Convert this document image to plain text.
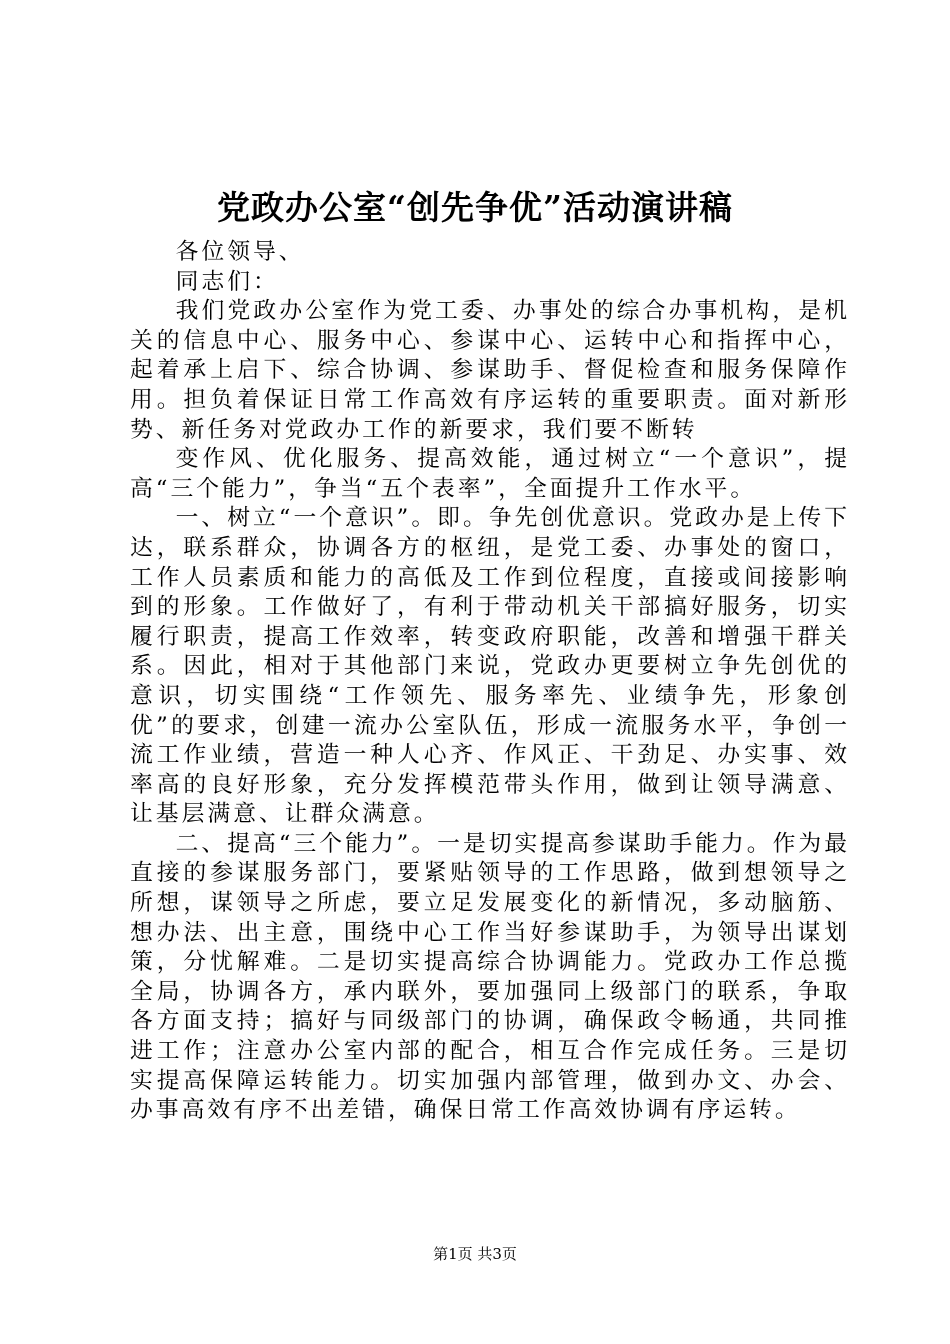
党政办公室“创先争优”活动演讲稿

各位领导、

同志们：

我们党政办公室作为党工委、办事处的综合办事机构，是机关的信息中心、服务中心、参谋中心、运转中心和指挥中心，起着承上启下、综合协调、参谋助手、督促检查和服务保障作用。担负着保证日常工作高效有序运转的重要职责。面对新形势、新任务对党政办工作的新要求，我们要不断转

变作风、优化服务、提高效能，通过树立“一个意识”，提高“三个能力”，争当“五个表率”，全面提升工作水平。

一、树立“一个意识”。即。争先创优意识。党政办是上传下达，联系群众，协调各方的枢纽，是党工委、办事处的窗口，工作人员素质和能力的高低及工作到位程度，直接或间接影响到的形象。工作做好了，有利于带动机关干部搞好服务，切实履行职责，提高工作效率，转变政府职能，改善和增强干群关系。因此，相对于其他部门来说，党政办更要树立争先创优的意识，切实围绕“工作领先、服务率先、业绩争先，形象创优”的要求，创建一流办公室队伍，形成一流服务水平，争创一流工作业绩，营造一种人心齐、作风正、干劲足、办实事、效率高的良好形象，充分发挥模范带头作用，做到让领导满意、让基层满意、让群众满意。

二、提高“三个能力”。一是切实提高参谋助手能力。作为最直接的参谋服务部门，要紧贴领导的工作思路，做到想领导之所想，谋领导之所虑，要立足发展变化的新情况，多动脑筋、想办法、出主意，围绕中心工作当好参谋助手，为领导出谋划策，分忧解难。二是切实提高综合协调能力。党政办工作总揽全局，协调各方，承内联外，要加强同上级部门的联系，争取各方面支持；搞好与同级部门的协调，确保政令畅通，共同推进工作；注意办公室内部的配合，相互合作完成任务。三是切实提高保障运转能力。切实加强内部管理，做到办文、办会、办事高效有序不出差错，确保日常工作高效协调有序运转。

第1页 共3页
